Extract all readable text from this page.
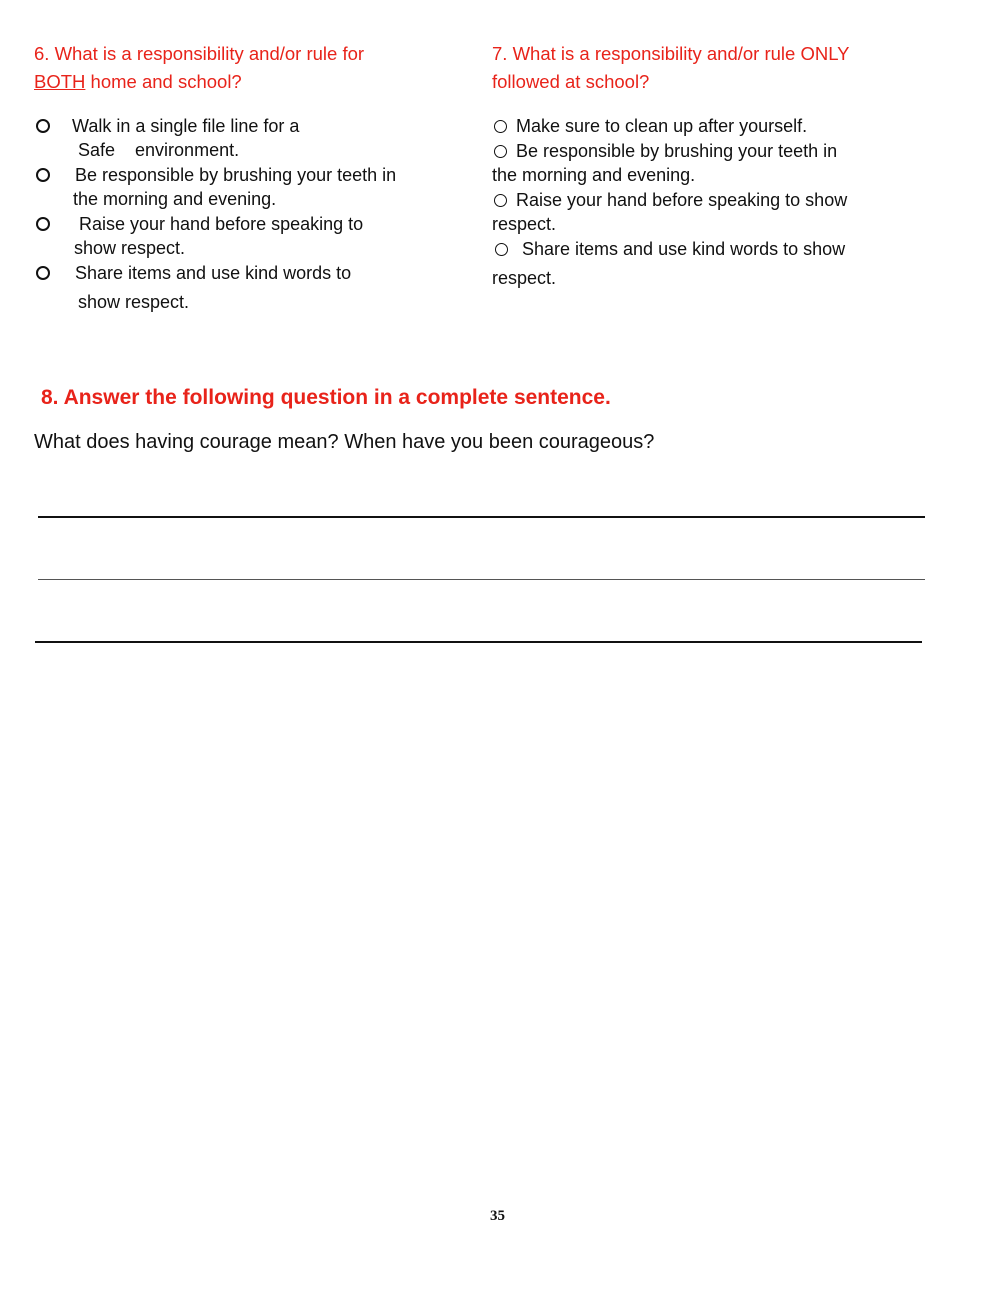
6. What is a responsibility and/or rule for
BOTH home and school?
Walk in a single file line for a
Safe    environment.
Be responsible by brushing your teeth in
the morning and evening.
Raise your hand before speaking to
show respect.
Share items and use kind words to
show respect.
7. What is a responsibility and/or rule ONLY
followed at school?
Make sure to clean up after yourself.
Be responsible by brushing your teeth in
the morning and evening.
Raise your hand before speaking to show
respect.
Share items and use kind words to show
respect.
8. Answer the following question in a complete sentence.
What does having courage mean? When have you been courageous?
35
